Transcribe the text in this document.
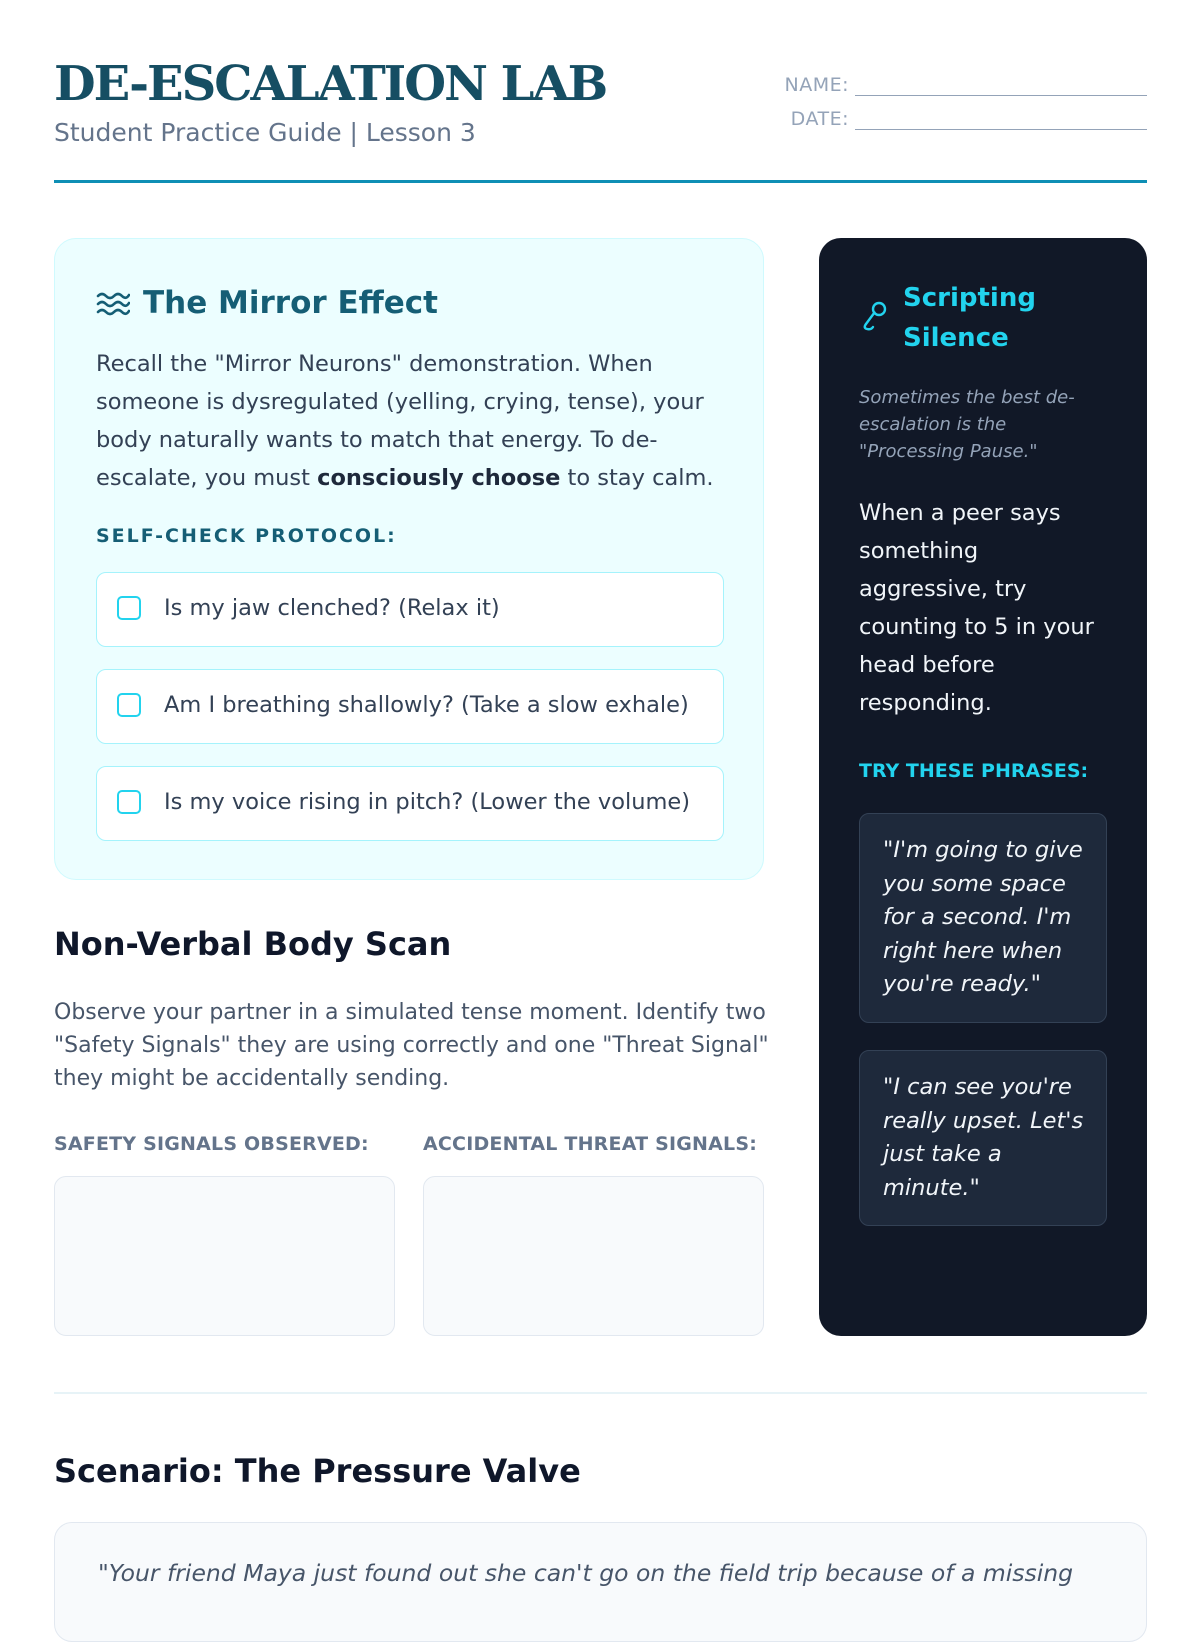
DE-ESCALATION LAB
Student Practice Guide | Lesson 3
NAME:
DATE:
The Mirror Effect
Recall the "Mirror Neurons" demonstration. When someone is dysregulated (yelling, crying, tense), your body naturally wants to match that energy. To de-escalate, you must consciously choose to stay calm.
SELF-CHECK PROTOCOL:
Is my jaw clenched? (Relax it)
Am I breathing shallowly? (Take a slow exhale)
Is my voice rising in pitch? (Lower the volume)
Non-Verbal Body Scan
Observe your partner in a simulated tense moment. Identify two "Safety Signals" they are using correctly and one "Threat Signal" they might be accidentally sending.
SAFETY SIGNALS OBSERVED:	ACCIDENTAL THREAT SIGNALS:
Scripting Silence
Sometimes the best de-escalation is the "Processing Pause."
When a peer says something aggressive, try counting to 5 in your head before responding.
TRY THESE PHRASES:
"I'm going to give you some space for a second. I'm right here when you're ready."
"I can see you're really upset. Let's just take a minute."
Scenario: The Pressure Valve
"Your friend Maya just found out she can't go on the field trip because of a missing
